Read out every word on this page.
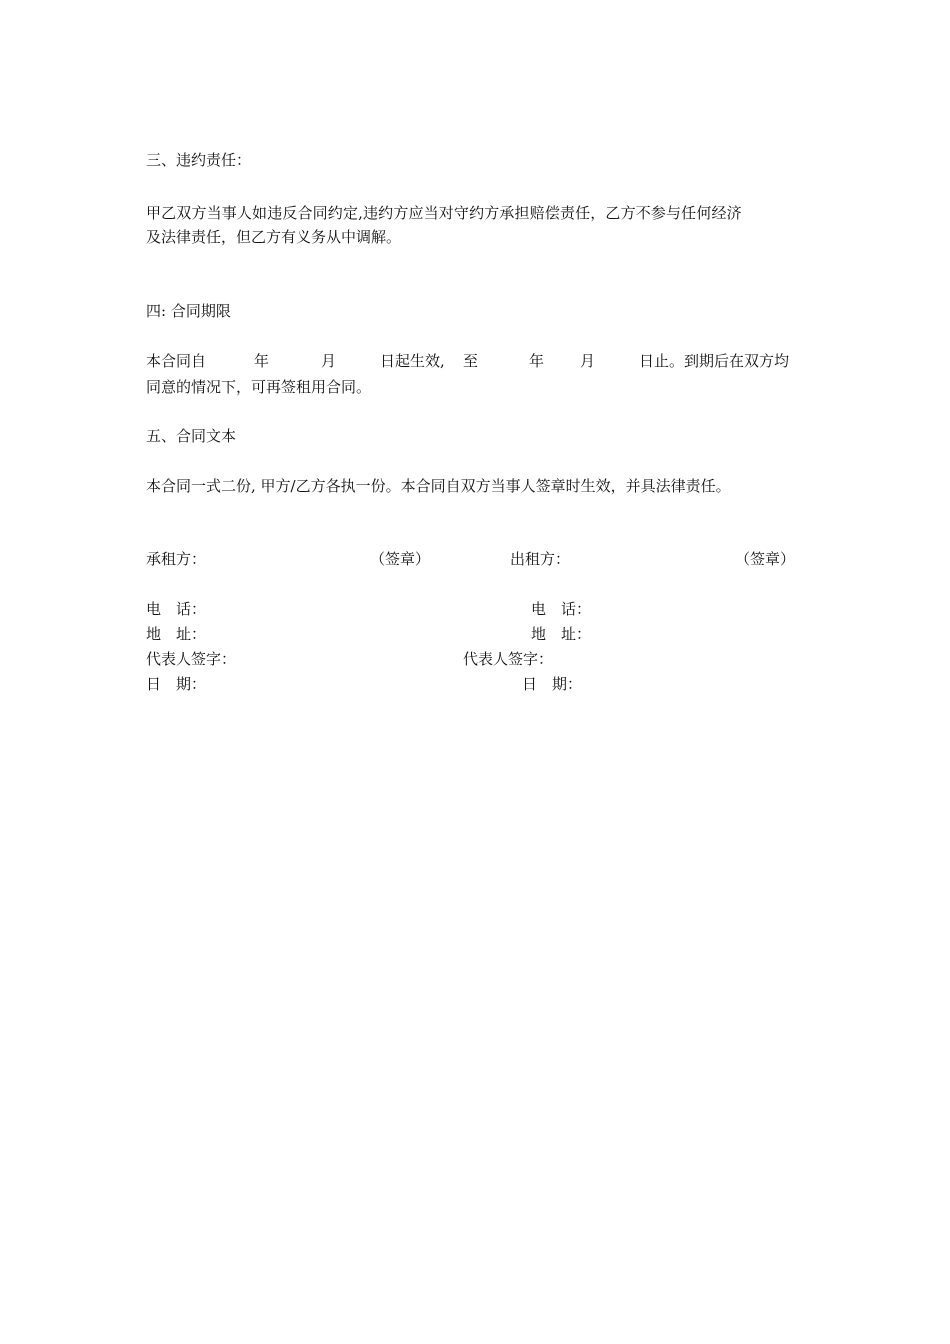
三、违约责任：
甲乙双方当事人如违反合同约定,违约方应当对守约方承担赔偿责任，乙方不参与任何经济
及法律责任，但乙方有义务从中调解。
四: 合同期限
本合同自	年	月	日起生效, 至	年 月	日止。到期后在双方均
同意的情况下，可再签租用合同。
五、合同文本
本合同一式二份, 甲方/乙方各执一份。本合同自双方当事人签章时生效，并具法律责任。
承租方：	（签章）	出租方：	（签章）
电　话：	电　话：
地　址：	地　址：
代表人签字：	代表人签字：
日　期：	日　期：
